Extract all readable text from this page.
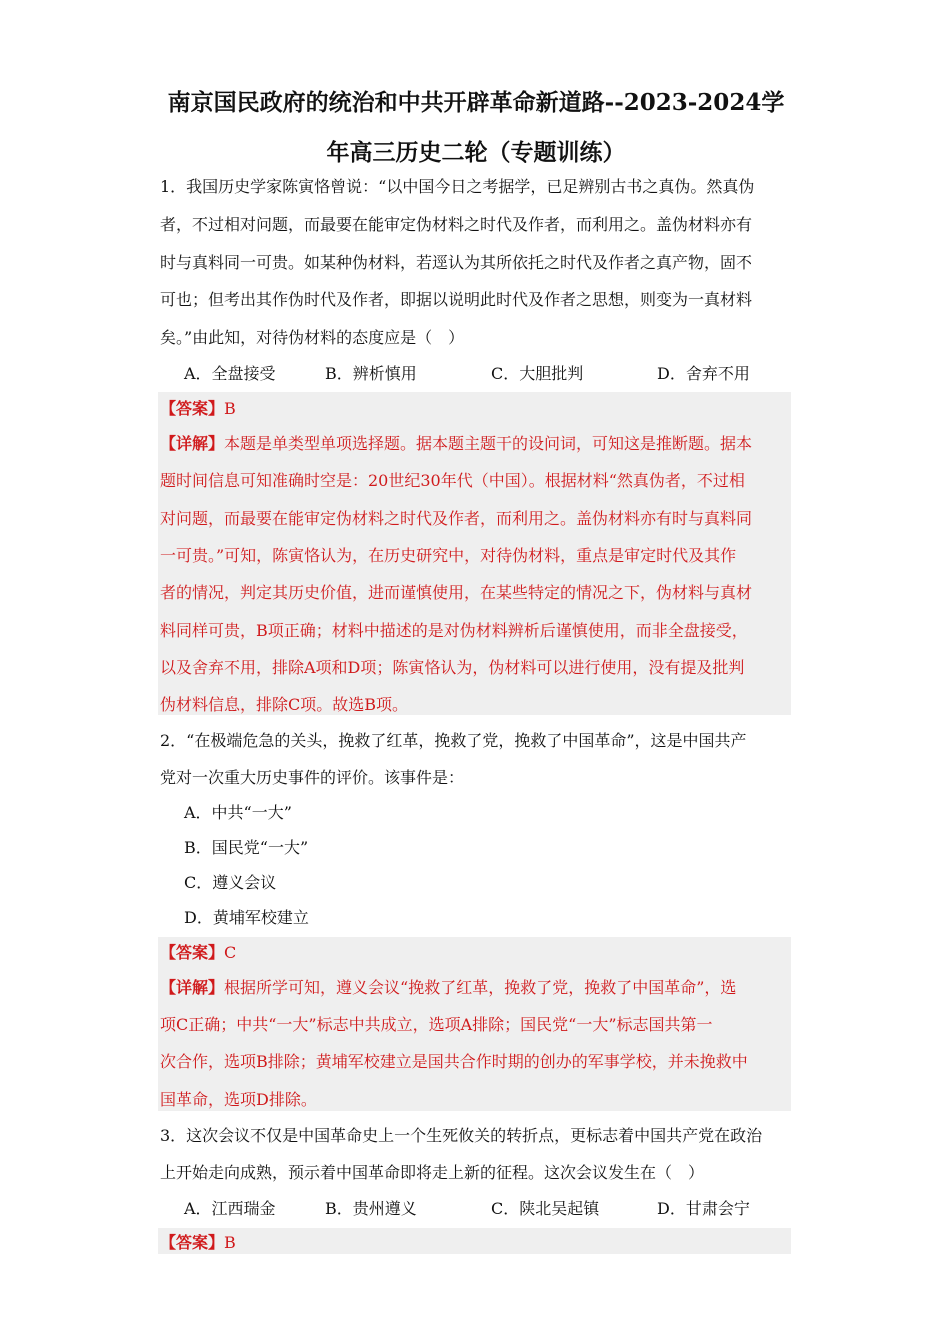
南京国民政府的统治和中共开辟革命新道路--2023-2024学
年高三历史二轮（专题训练）
1．我国历史学家陈寅恪曾说：“以中国今日之考据学，已足辨别古书之真伪。然真伪
者，不过相对问题，而最要在能审定伪材料之时代及作者，而利用之。盖伪材料亦有
时与真料同一可贵。如某种伪材料，若逕认为其所依托之时代及作者之真产物，固不
可也；但考出其作伪时代及作者，即据以说明此时代及作者之思想，则变为一真材料
矣。”由此知，对待伪材料的态度应是（　）
A．全盘接受	B．辨析慎用	C．大胆批判	D．舍弃不用
【答案】B
【详解】本题是单类型单项选择题。据本题主题干的设问词，可知这是推断题。据本
题时间信息可知准确时空是：20世纪30年代（中国）。根据材料“然真伪者，不过相
对问题，而最要在能审定伪材料之时代及作者，而利用之。盖伪材料亦有时与真料同
一可贵。”可知，陈寅恪认为，在历史研究中，对待伪材料，重点是审定时代及其作
者的情况，判定其历史价值，进而谨慎使用，在某些特定的情况之下，伪材料与真材
料同样可贵，B项正确；材料中描述的是对伪材料辨析后谨慎使用，而非全盘接受，
以及舍弃不用，排除A项和D项；陈寅恪认为，伪材料可以进行使用，没有提及批判
伪材料信息，排除C项。故选B项。
2．“在极端危急的关头，挽救了红革，挽救了党，挽救了中国革命”，这是中国共产
党对一次重大历史事件的评价。该事件是：
A．中共“一大”
B．国民党“一大”
C．遵义会议
D．黄埔军校建立
【答案】C
【详解】根据所学可知，遵义会议“挽救了红革，挽救了党，挽救了中国革命”，选
项C正确；中共“一大”标志中共成立，选项A排除；国民党“一大”标志国共第一
次合作，选项B排除；黄埔军校建立是国共合作时期的创办的军事学校，并未挽救中
国革命，选项D排除。
3．这次会议不仅是中国革命史上一个生死攸关的转折点，更标志着中国共产党在政治
上开始走向成熟，预示着中国革命即将走上新的征程。这次会议发生在（　）
A．江西瑞金	B．贵州遵义	C．陕北吴起镇	D．甘肃会宁
【答案】B
